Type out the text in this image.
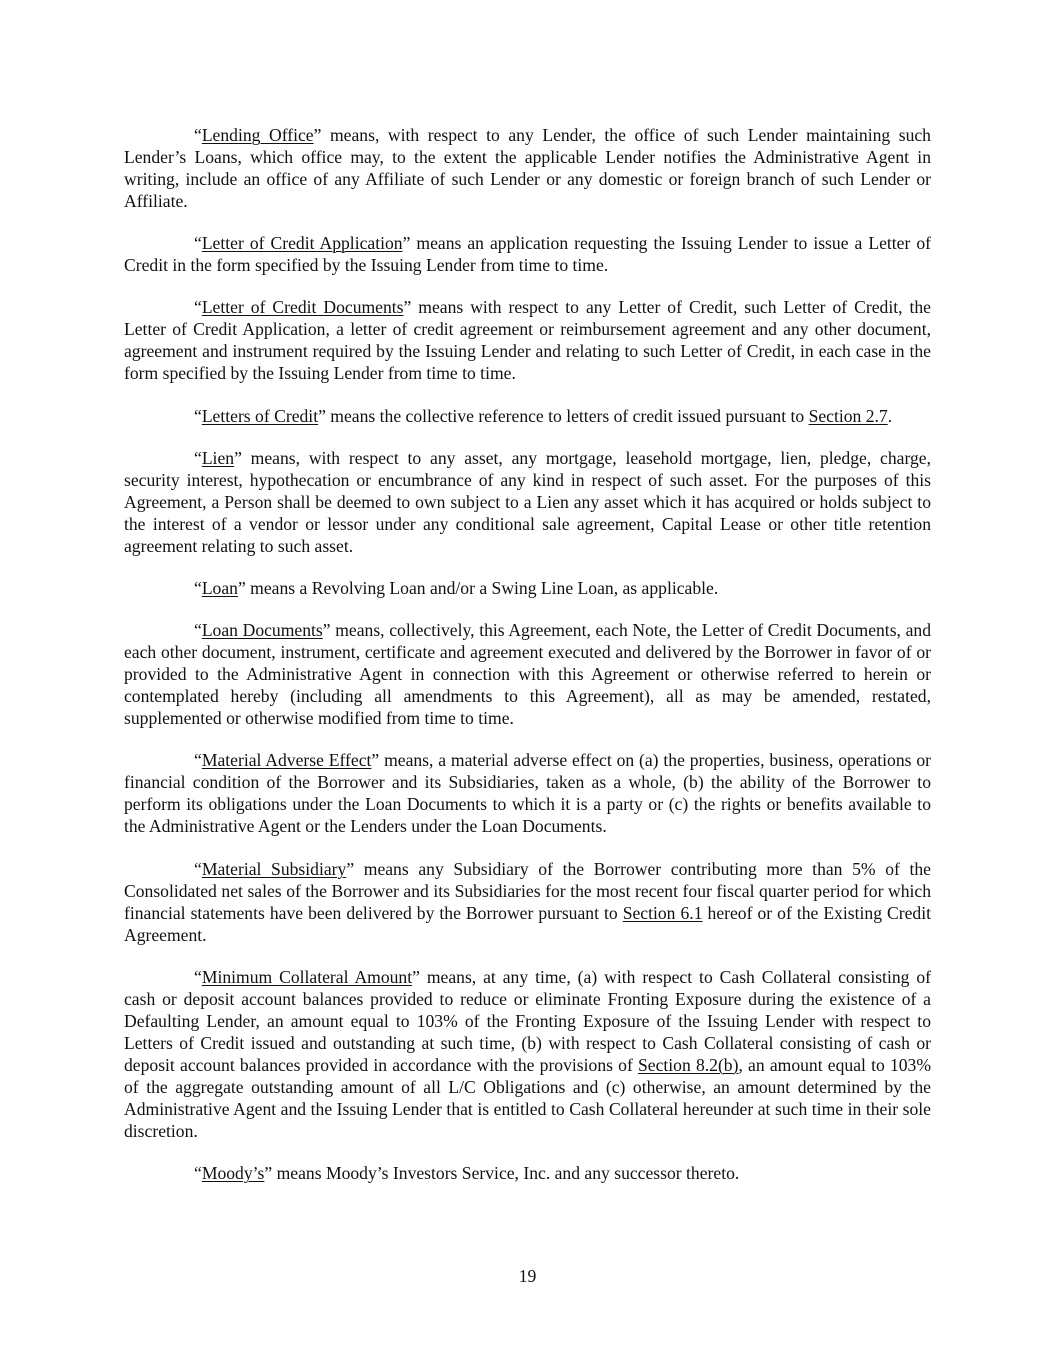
“Lending Office” means, with respect to any Lender, the office of such Lender maintaining such Lender’s Loans, which office may, to the extent the applicable Lender notifies the Administrative Agent in writing, include an office of any Affiliate of such Lender or any domestic or foreign branch of such Lender or Affiliate.

“Letter of Credit Application” means an application requesting the Issuing Lender to issue a Letter of Credit in the form specified by the Issuing Lender from time to time.

“Letter of Credit Documents” means with respect to any Letter of Credit, such Letter of Credit, the Letter of Credit Application, a letter of credit agreement or reimbursement agreement and any other document, agreement and instrument required by the Issuing Lender and relating to such Letter of Credit, in each case in the form specified by the Issuing Lender from time to time.

“Letters of Credit” means the collective reference to letters of credit issued pursuant to Section 2.7.

“Lien” means, with respect to any asset, any mortgage, leasehold mortgage, lien, pledge, charge, security interest, hypothecation or encumbrance of any kind in respect of such asset. For the purposes of this Agreement, a Person shall be deemed to own subject to a Lien any asset which it has acquired or holds subject to the interest of a vendor or lessor under any conditional sale agreement, Capital Lease or other title retention agreement relating to such asset.

“Loan” means a Revolving Loan and/or a Swing Line Loan, as applicable.

“Loan Documents” means, collectively, this Agreement, each Note, the Letter of Credit Documents, and each other document, instrument, certificate and agreement executed and delivered by the Borrower in favor of or provided to the Administrative Agent in connection with this Agreement or otherwise referred to herein or contemplated hereby (including all amendments to this Agreement), all as may be amended, restated, supplemented or otherwise modified from time to time.

“Material Adverse Effect” means, a material adverse effect on (a) the properties, business, operations or financial condition of the Borrower and its Subsidiaries, taken as a whole, (b) the ability of the Borrower to perform its obligations under the Loan Documents to which it is a party or (c) the rights or benefits available to the Administrative Agent or the Lenders under the Loan Documents.

“Material Subsidiary” means any Subsidiary of the Borrower contributing more than 5% of the Consolidated net sales of the Borrower and its Subsidiaries for the most recent four fiscal quarter period for which financial statements have been delivered by the Borrower pursuant to Section 6.1 hereof or of the Existing Credit Agreement.

“Minimum Collateral Amount” means, at any time, (a) with respect to Cash Collateral consisting of cash or deposit account balances provided to reduce or eliminate Fronting Exposure during the existence of a Defaulting Lender, an amount equal to 103% of the Fronting Exposure of the Issuing Lender with respect to Letters of Credit issued and outstanding at such time, (b) with respect to Cash Collateral consisting of cash or deposit account balances provided in accordance with the provisions of Section 8.2(b), an amount equal to 103% of the aggregate outstanding amount of all L/C Obligations and (c) otherwise, an amount determined by the Administrative Agent and the Issuing Lender that is entitled to Cash Collateral hereunder at such time in their sole discretion.

“Moody’s” means Moody’s Investors Service, Inc. and any successor thereto.

19
